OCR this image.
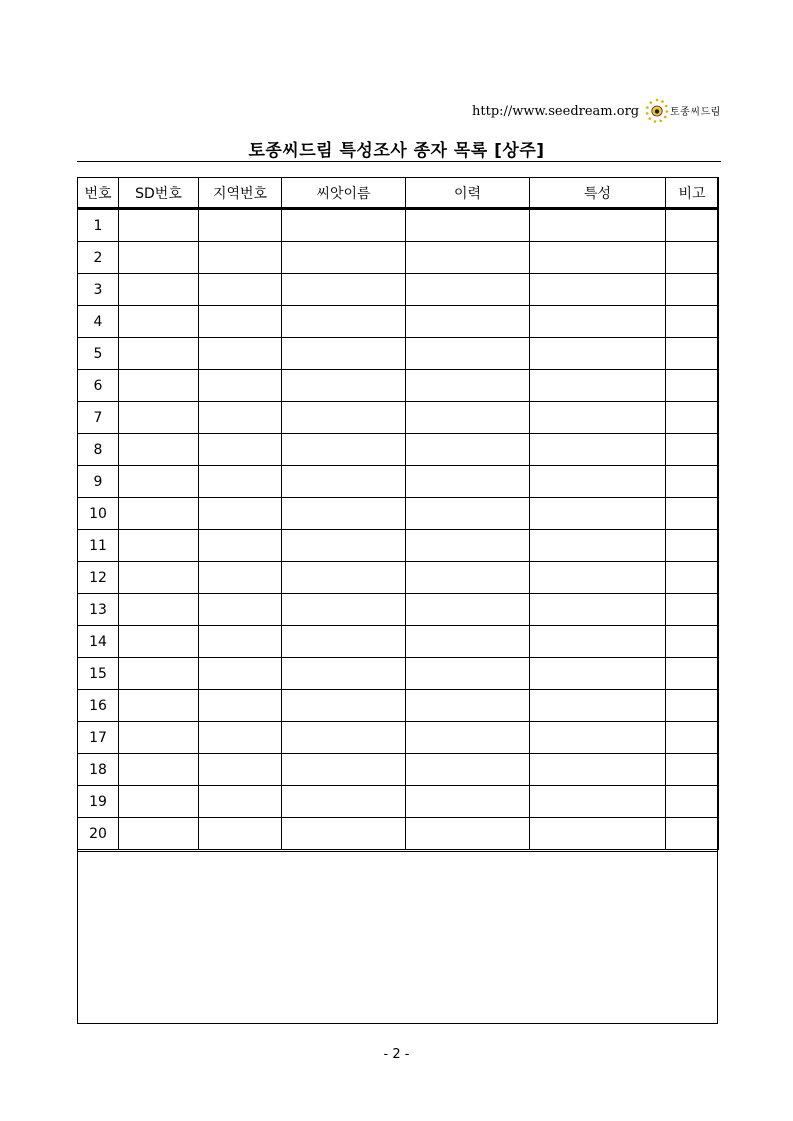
http://www.seedream.org	토종씨드림
토종씨드림 특성조사 종자 목록 [상주]
번호	SD번호	지역번호	씨앗이름	이력	특성	비고
1						
2						
3						
4						
5						
6						
7						
8						
9						
10						
11						
12						
13						
14						
15						
16						
17						
18						
19						
20						
- 2 -
